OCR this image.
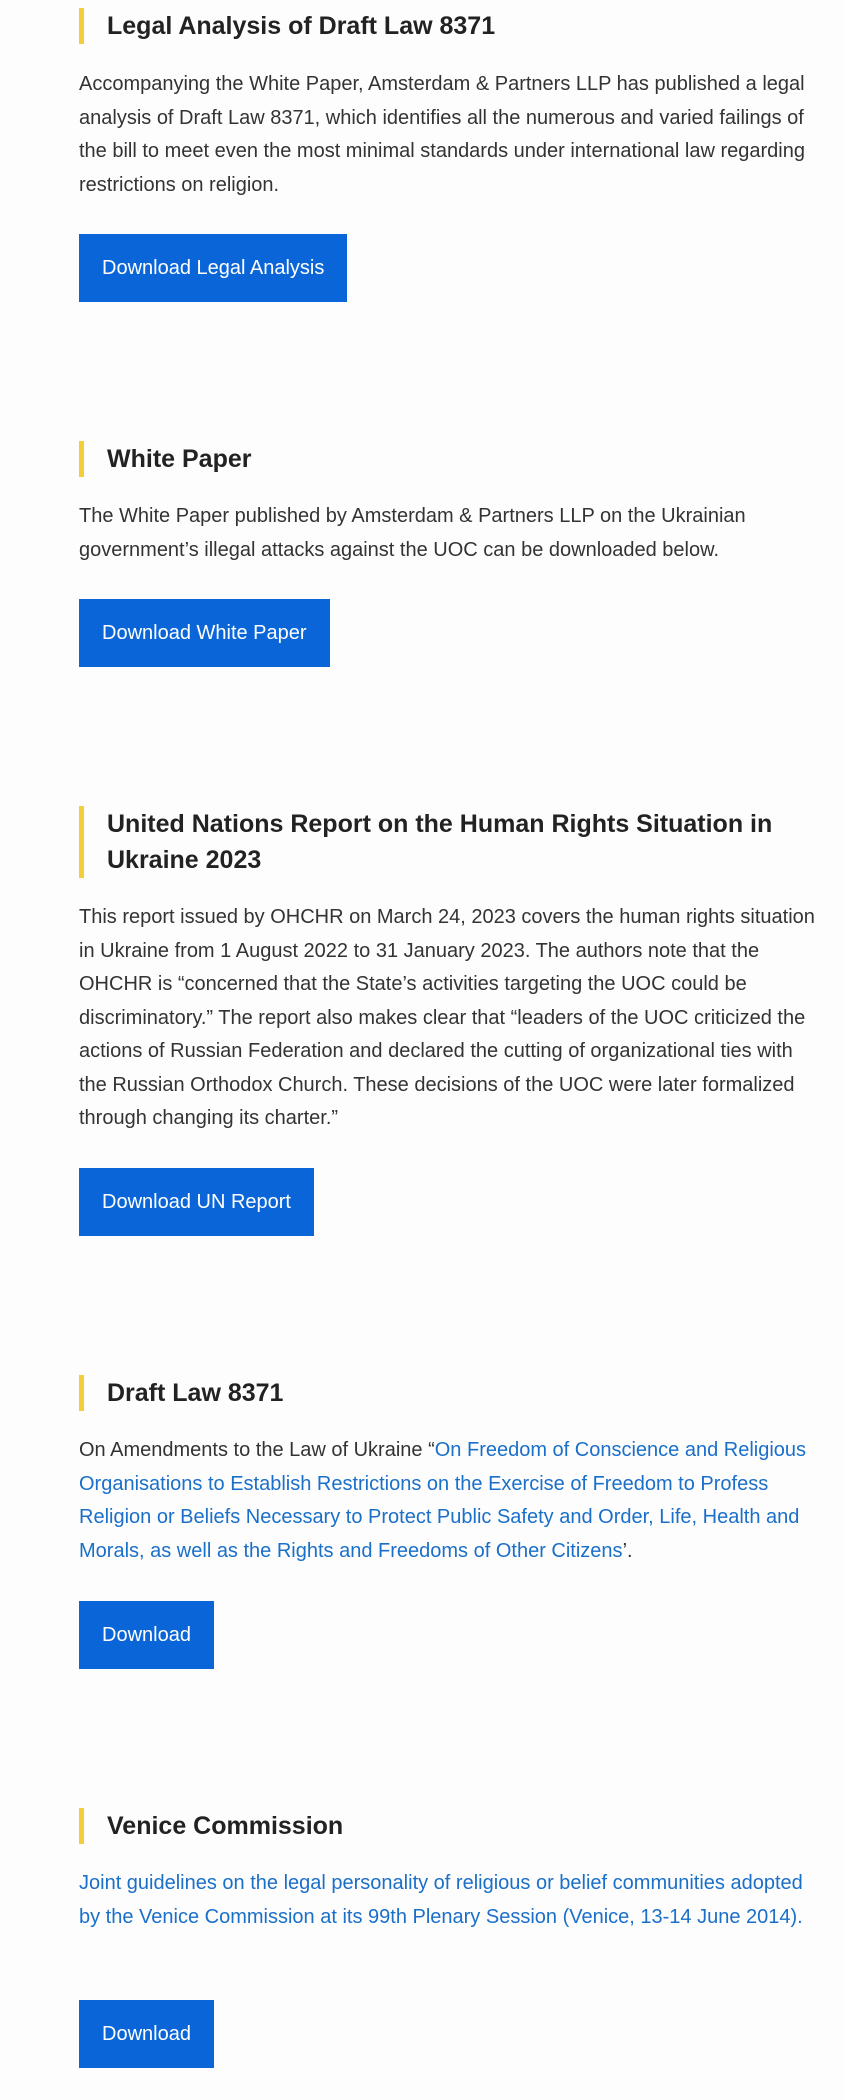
Legal Analysis of Draft Law 8371

Accompanying the White Paper, Amsterdam & Partners LLP has published a legal analysis of Draft Law 8371, which identifies all the numerous and varied failings of the bill to meet even the most minimal standards under international law regarding restrictions on religion.

Download Legal Analysis
White Paper

The White Paper published by Amsterdam & Partners LLP on the Ukrainian government’s illegal attacks against the UOC can be downloaded below.

Download White Paper
United Nations Report on the Human Rights Situation in Ukraine 2023

This report issued by OHCHR on March 24, 2023 covers the human rights situation in Ukraine from 1 August 2022 to 31 January 2023. The authors note that the OHCHR is “concerned that the State’s activities targeting the UOC could be discriminatory.” The report also makes clear that “leaders of the UOC criticized the actions of Russian Federation and declared the cutting of organizational ties with the Russian Orthodox Church. These decisions of the UOC were later formalized through changing its charter.”

Download UN Report
Draft Law 8371

On Amendments to the Law of Ukraine “On Freedom of Conscience and Religious Organisations to Establish Restrictions on the Exercise of Freedom to Profess Religion or Beliefs Necessary to Protect Public Safety and Order, Life, Health and Morals, as well as the Rights and Freedoms of Other Citizens’.

Download
Venice Commission

Joint guidelines on the legal personality of religious or belief communities adopted by the Venice Commission at its 99th Plenary Session (Venice, 13-14 June 2014).

Download
